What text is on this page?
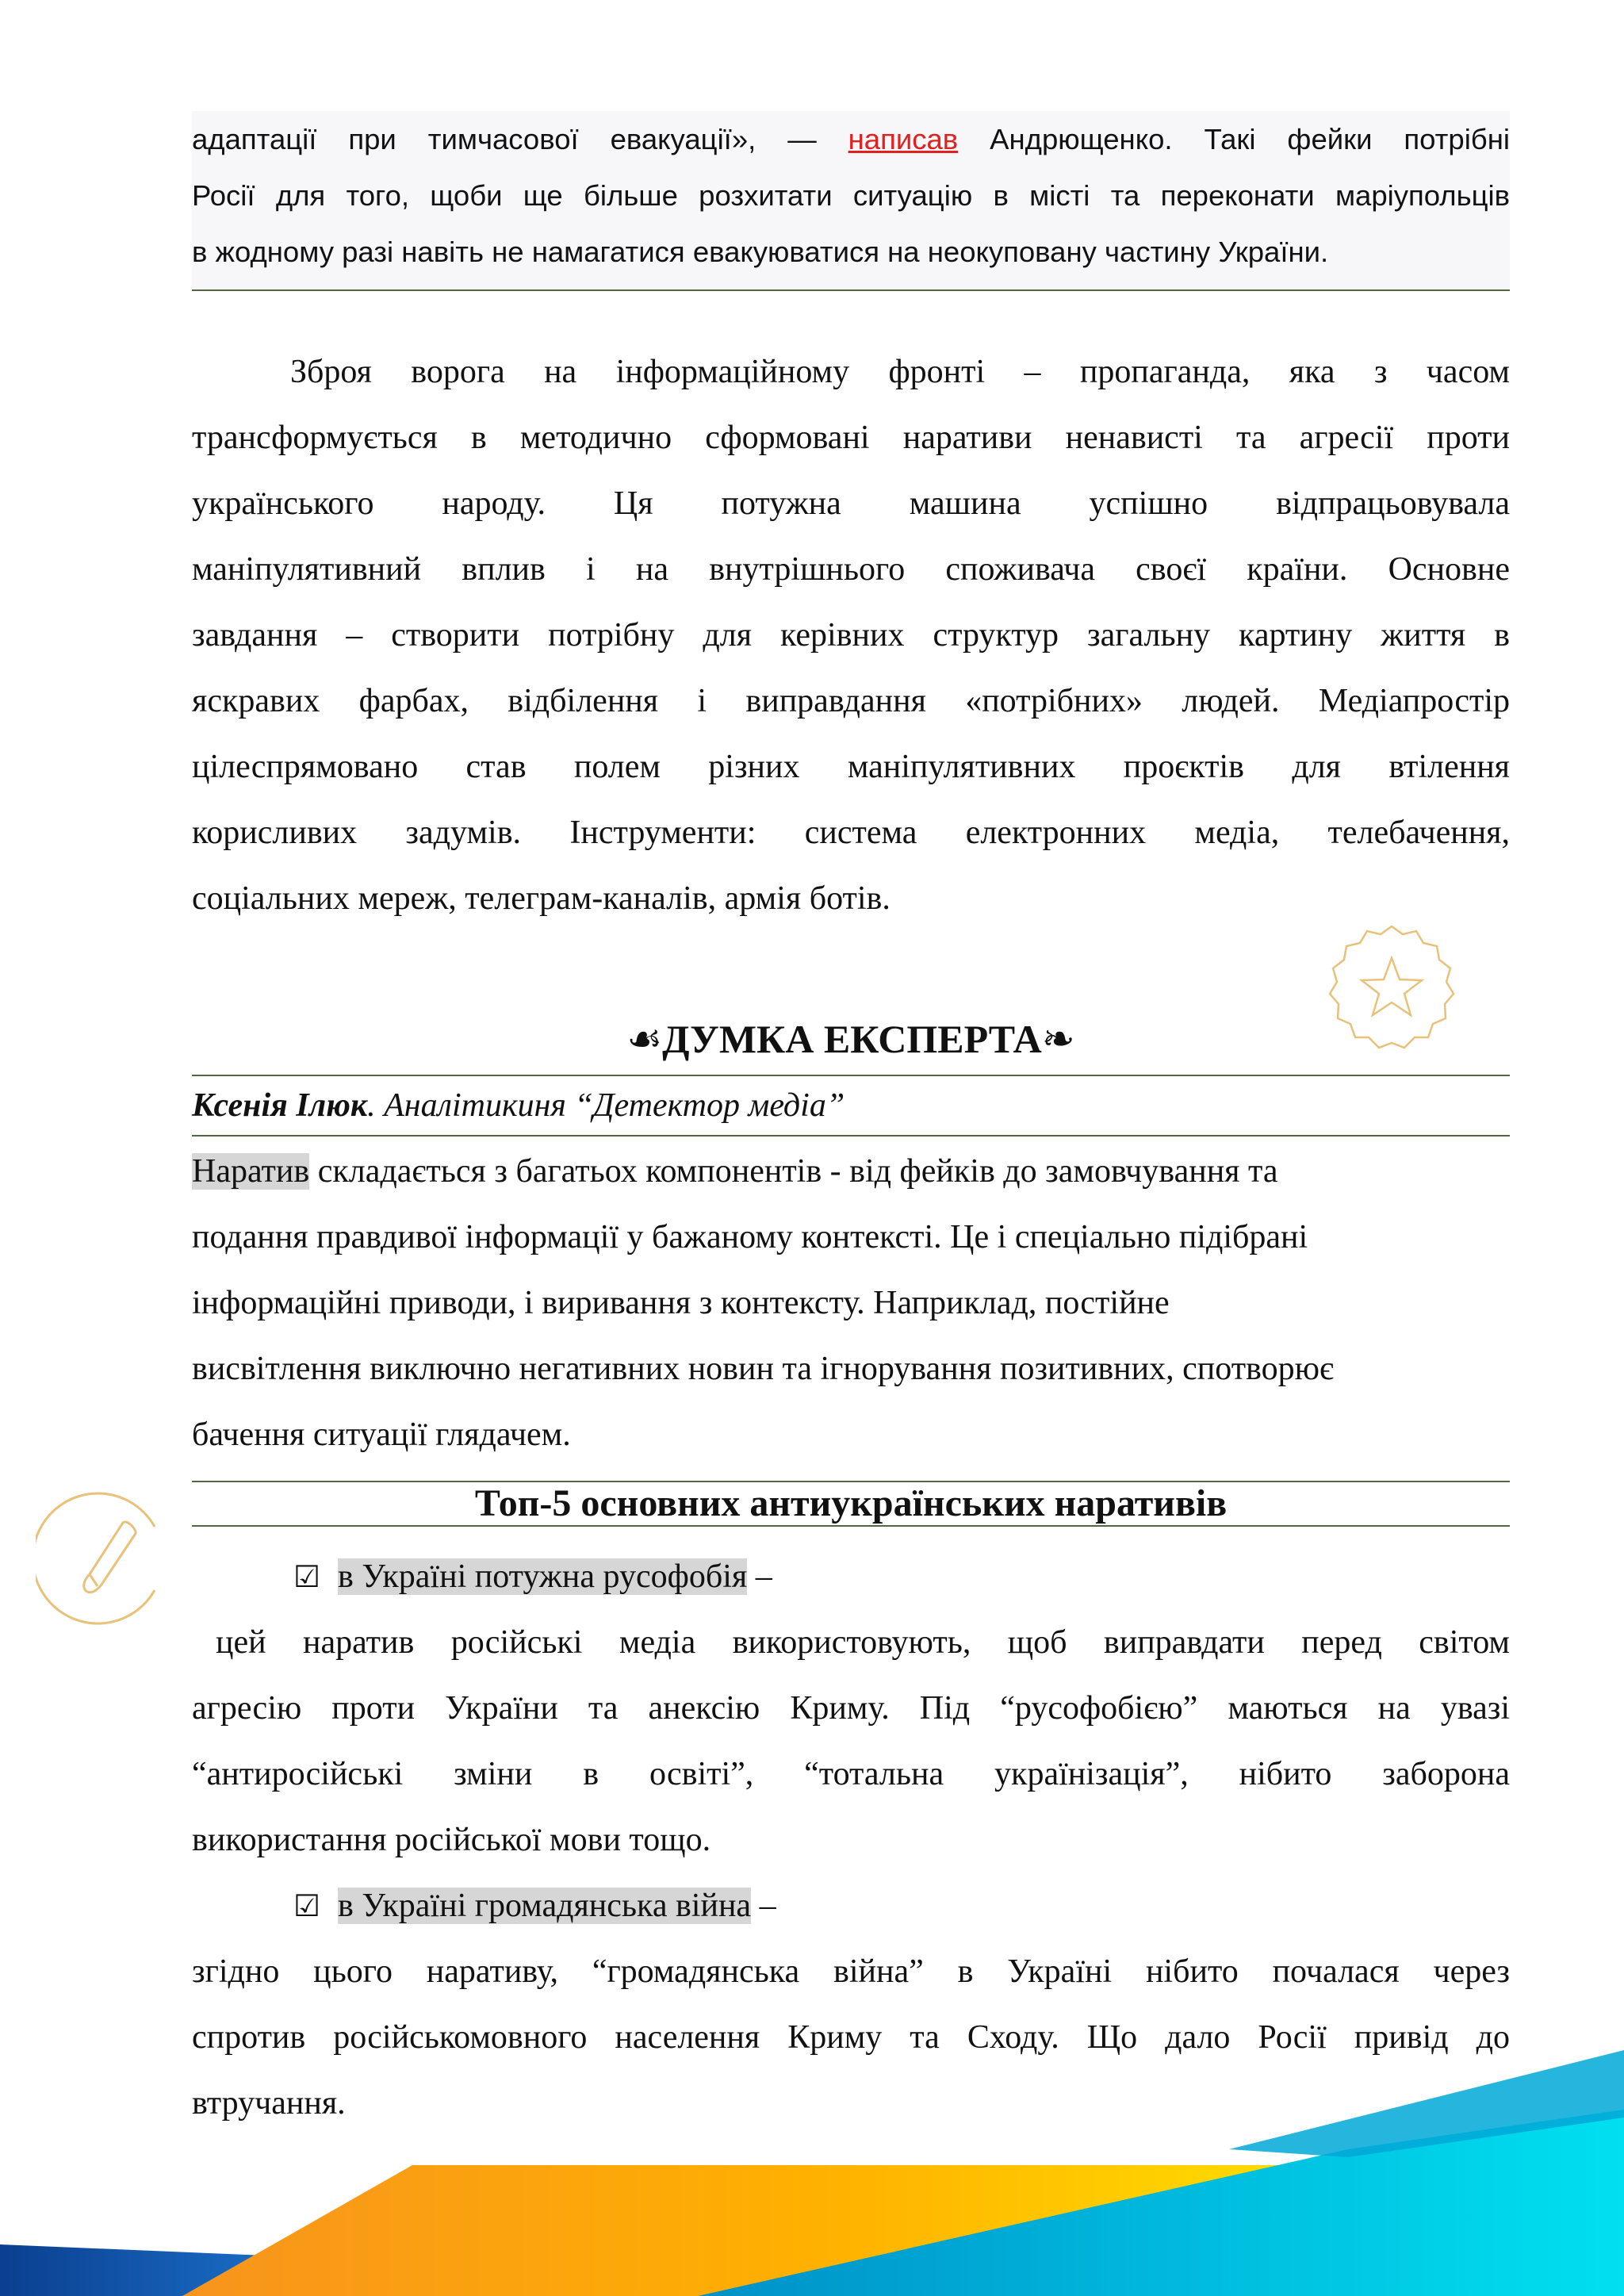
адаптації при тимчасової евакуації», — написав Андрющенко. Такі фейки потрібні
Росії для того, щоби ще більше розхитати ситуацію в місті та переконати маріупольців
в жодному разі навіть не намагатися евакуюватися на неокуповану частину України.

Зброя ворога на інформаційному фронті – пропаганда, яка з часом
трансформується в методично сформовані наративи ненависті та агресії проти
українського народу. Ця потужна машина успішно відпрацьовувала
маніпулятивний вплив і на внутрішнього споживача своєї країни. Основне
завдання – створити потрібну для керівних структур загальну картину життя в
яскравих фарбах, відбілення і виправдання «потрібних» людей. Медіапростір
цілеспрямовано став полем різних маніпулятивних проєктів для втілення
корисливих задумів. Інструменти: система електронних медіа, телебачення,
соціальних мереж, телеграм-каналів, армія ботів.
☙ДУМКА ЕКСПЕРТА❧
Ксенія Ілюк. Аналітикиня “Детектор медіа”
Наратив складається з багатьох компонентів - від фейків до замовчування та
подання правдивої інформації у бажаному контексті. Це і спеціально підібрані
інформаційні приводи, і виривання з контексту. Наприклад, постійне
висвітлення виключно негативних новин та ігнорування позитивних, спотворює
бачення ситуації глядачем.
Топ-5 основних антиукраїнських наративів
☑ в Україні потужна русофобія –
цей наратив російські медіа використовують, щоб виправдати перед світом
агресію проти України та анексію Криму. Під “русофобією” маються на увазі
“антиросійські зміни в освіті”, “тотальна українізація”, нібито заборона
використання російської мови тощо.
☑ в Україні громадянська війна –
згідно цього наративу, “громадянська війна” в Україні нібито почалася через
спротив російськомовного населення Криму та Сходу. Що дало Росії привід до
втручання.
